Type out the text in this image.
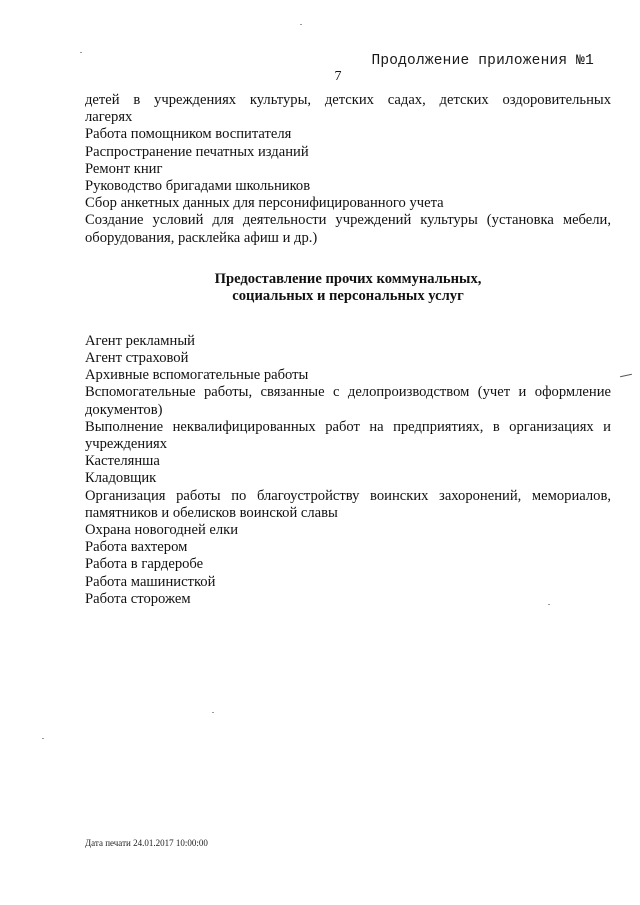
Продолжение приложения №1
7

детей в учреждениях культуры, детских садах, детских оздоровительных

лагерях

Работа помощником воспитателя

Распространение печатных изданий

Ремонт книг

Руководство бригадами школьников

Сбор анкетных данных для персонифицированного учета

Создание условий для деятельности учреждений культуры (установка мебели,

оборудования, расклейка афиш и др.)

Предоставление прочих коммунальных,
социальных и персональных услуг

Агент рекламный

Агент страховой

Архивные вспомогательные работы

Вспомогательные работы, связанные с делопроизводством (учет и оформление

документов)

Выполнение неквалифицированных работ на предприятиях, в организациях и

учреждениях

Кастелянша

Кладовщик

Организация работы по благоустройству воинских захоронений, мемориалов,

памятников и обелисков воинской славы

Охрана новогодней елки

Работа вахтером

Работа в гардеробе

Работа машинисткой

Работа сторожем

Дата печати 24.01.2017 10:00:00
